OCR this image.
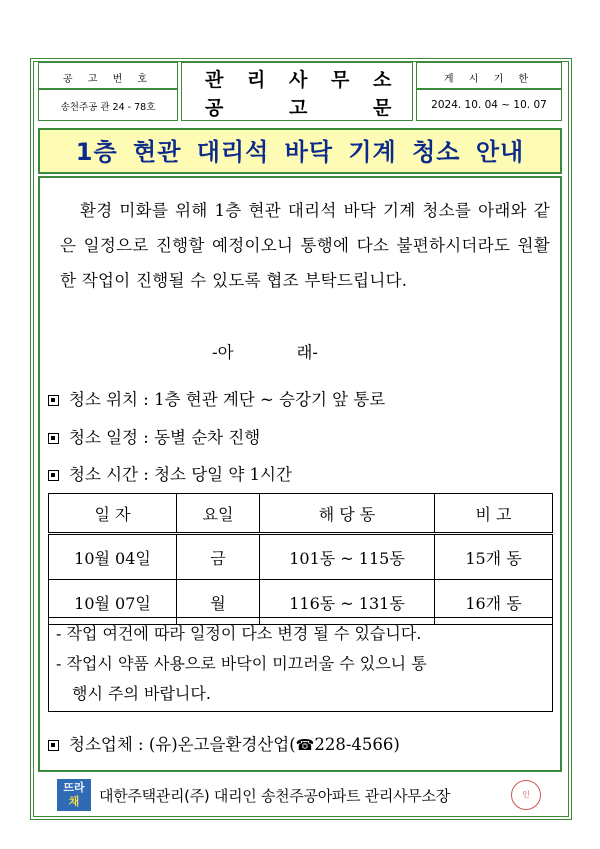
공 고 번 호
송천주공 관 24 - 78호
관 리 사 무 소
공	고	문
게 시 기 한
2024. 10. 04 ~ 10. 07
1층 현관 대리석 바닥 기계 청소 안내
환경 미화를 위해 1층 현관 대리석 바닥 기계 청소를 아래와 같은 일정으로 진행할 예정이오니 통행에 다소 불편하시더라도 원활한 작업이 진행될 수 있도록 협조 부탁드립니다.
-아            래-
청소 위치 : 1층 현관 계단 ~ 승강기 앞 통로
청소 일정 : 동별 순차 진행
청소 시간 : 청소 당일 약 1시간
일 자	요일	해 당 동	비 고
10월 04일	금	101동 ~ 115동	15개 동
10월 07일	월	116동 ~ 131동	16개 동
- 작업 여건에 따라 일정이 다소 변경 될 수 있습니다.
- 작업시 약품 사용으로 바닥이 미끄러울 수 있으니 통
행시 주의 바랍니다.
청소업체 : (유)온고을환경산업(☎228-4566)
뜨라
채	대한주택관리(주) 대리인 송천주공아파트 관리사무소장	인
